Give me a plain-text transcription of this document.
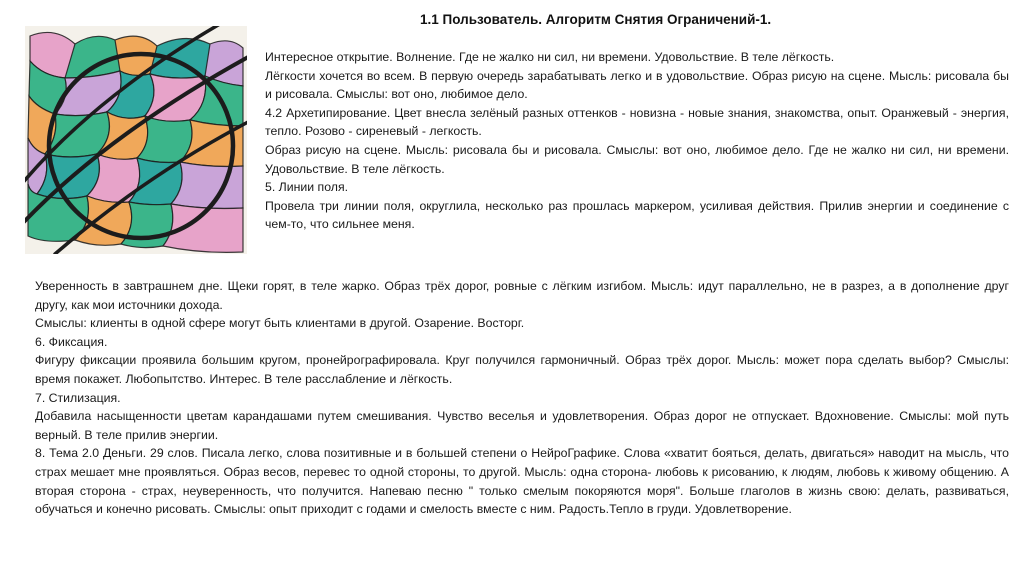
1.1 Пользователь. Алгоритм Снятия Ограничений-1.

Интересное открытие. Волнение. Где не жалко ни сил, ни времени. Удовольствие. В теле лёгкость.

Лёгкости хочется во всем. В первую очередь зарабатывать легко и в удовольствие. Образ рисую на сцене. Мысль: рисовала бы и рисовала. Смыслы: вот оно, любимое дело.

4.2 Архетипирование. Цвет внесла зелёный разных оттенков - новизна - новые знания, знакомства, опыт. Оранжевый - энергия, тепло. Розово - сиреневый - легкость.

Образ рисую на сцене. Мысль: рисовала бы и рисовала. Смыслы: вот оно, любимое дело. Где не жалко ни сил, ни времени. Удовольствие. В теле лёгкость.

5. Линии поля.

Провела три линии поля, округлила, несколько раз прошлась маркером, усиливая действия. Прилив энергии и соединение с чем-то, что сильнее меня.

Уверенность в завтрашнем дне. Щеки горят, в теле жарко. Образ трёх дорог, ровные с лёгким изгибом. Мысль: идут параллельно, не в разрез, а в дополнение друг другу, как мои источники дохода.

Смыслы: клиенты в одной сфере могут быть клиентами в другой. Озарение. Восторг.

6. Фиксация.

Фигуру фиксации проявила большим кругом, пронейрографировала. Круг получился гармоничный. Образ трёх дорог. Мысль: может пора сделать выбор? Смыслы: время покажет. Любопытство. Интерес. В теле расслабление и лёгкость.

7. Стилизация.

Добавила насыщенности цветам карандашами путем смешивания. Чувство веселья и удовлетворения. Образ дорог не отпускает. Вдохновение. Смыслы: мой путь верный. В теле прилив энергии.

8. Тема 2.0 Деньги. 29 слов. Писала легко, слова позитивные и в большей степени о НейроГрафике. Слова «хватит бояться, делать, двигаться» наводит на мысль, что страх мешает мне проявляться. Образ весов, перевес то одной стороны, то другой. Мысль: одна сторона- любовь к рисованию, к людям, любовь к живому общению. А вторая сторона - страх, неуверенность, что получится. Напеваю песню " только смелым покоряются моря". Больше глаголов в жизнь свою: делать, развиваться, обучаться и конечно рисовать. Смыслы: опыт приходит с годами и смелость вместе с ним. Радость.Тепло в груди. Удовлетворение.
